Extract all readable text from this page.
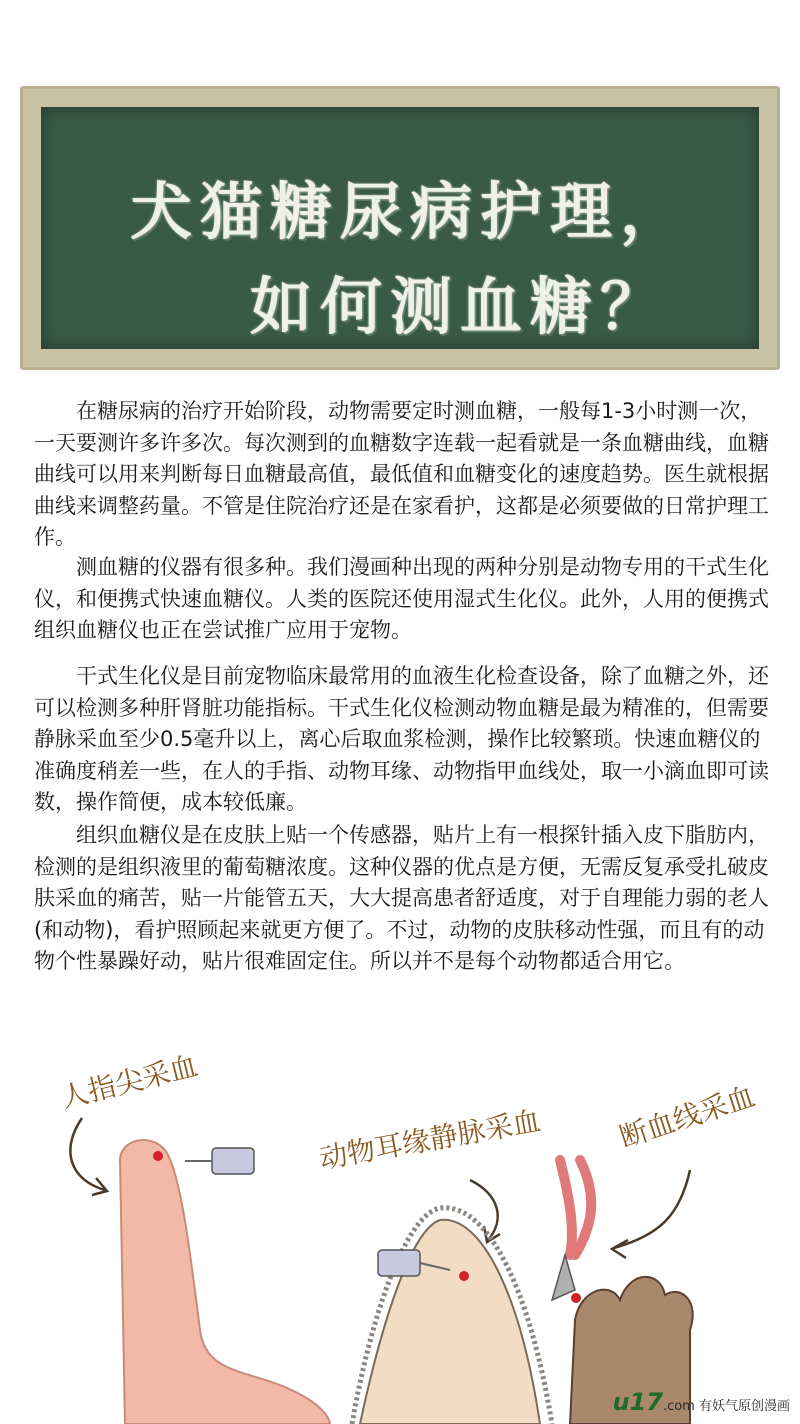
犬猫糖尿病护理，
如何测血糖？

在糖尿病的治疗开始阶段，动物需要定时测血糖，一般每1-3小时测一次，一天要测许多许多次。每次测到的血糖数字连载一起看就是一条血糖曲线，血糖曲线可以用来判断每日血糖最高值，最低值和血糖变化的速度趋势。医生就根据曲线来调整药量。不管是住院治疗还是在家看护，这都是必须要做的日常护理工作。

测血糖的仪器有很多种。我们漫画种出现的两种分别是动物专用的干式生化仪，和便携式快速血糖仪。人类的医院还使用湿式生化仪。此外，人用的便携式组织血糖仪也正在尝试推广应用于宠物。

干式生化仪是目前宠物临床最常用的血液生化检查设备，除了血糖之外，还可以检测多种肝肾脏功能指标。干式生化仪检测动物血糖是最为精准的，但需要静脉采血至少0.5毫升以上，离心后取血浆检测，操作比较繁琐。快速血糖仪的准确度稍差一些，在人的手指、动物耳缘、动物指甲血线处，取一小滴血即可读数，操作简便，成本较低廉。

组织血糖仪是在皮肤上贴一个传感器，贴片上有一根探针插入皮下脂肪内，检测的是组织液里的葡萄糖浓度。这种仪器的优点是方便，无需反复承受扎破皮肤采血的痛苦，贴一片能管五天，大大提高患者舒适度，对于自理能力弱的老人(和动物)，看护照顾起来就更方便了。不过，动物的皮肤移动性强，而且有的动物个性暴躁好动，贴片很难固定住。所以并不是每个动物都适合用它。

人指尖采血
动物耳缘静脉采血	断血线采血
u17.com 有妖气原创漫画
